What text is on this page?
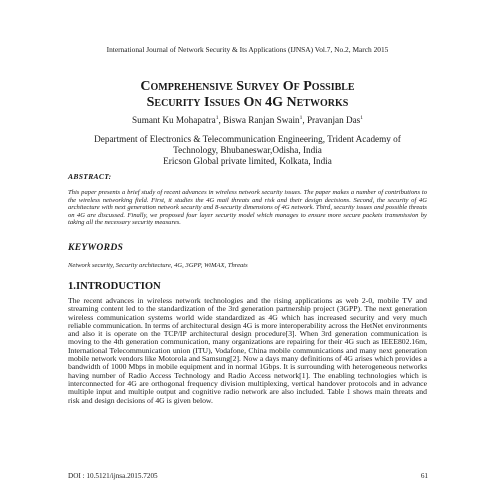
International Journal of Network Security & Its Applications (IJNSA) Vol.7, No.2, March 2015
Comprehensive Survey Of Possible
Security Issues On 4G Networks
Sumant Ku Mohapatra$^1$, Biswa Ranjan Swain$^1$, Pravanjan Das$^1$
Department of Electronics & Telecommunication Engineering, Trident Academy of
Technology, Bhubaneswar,Odisha, India
Ericson Global private limited, Kolkata, India
ABSTRACT:
This paper presents a brief study of recent advances in wireless network security issues. The paper makes a number of contributions to the wireless networking field. First, it studies the 4G mail threats and risk and their design decisions. Second, the security of 4G architecture with next generation network security and 8-security dimensions of 4G network. Third, security issues and possible threats on 4G are discussed. Finally, we proposed four layer security model which manages to ensure more secure packets transmission by taking all the necessary security measures.
KEYWORDS
Network security, Security architecture, 4G, 3GPP, WiMAX, Threats
1.INTRODUCTION
The recent advances in wireless network technologies and the rising applications as web 2-0, mobile TV and streaming content led to the standardization of the 3rd generation partnership project (3GPP). The next generation wireless communication systems world wide standardized as 4G which has increased security and very much reliable communication. In terms of architectural design 4G is more interoperability across the HetNet environments and also it is operate on the TCP/IP architectural design procedure[3]. When 3rd generation communication is moving to the 4th generation communication, many organizations are repairing for their 4G such as IEEE802.16m, International Telecommunication union (ITU), Vodafone, China mobile communications and many next generation mobile network vendors like Motorola and Samsung[2]. Now a days many definitions of 4G arises which provides a bandwidth of 1000 Mbps in mobile equipment and in normal 1Gbps. It is surrounding with heterogeneous networks having number of Radio Access Technology and Radio Access network[1]. The enabling technologies which is interconnected for 4G are orthogonal frequency division multiplexing, vertical handover protocols and in advance multiple input and multiple output and cognitive radio network are also included. Table 1 shows main threats and risk and design decisions of 4G is given below.
DOI : 10.5121/ijnsa.2015.7205	61
